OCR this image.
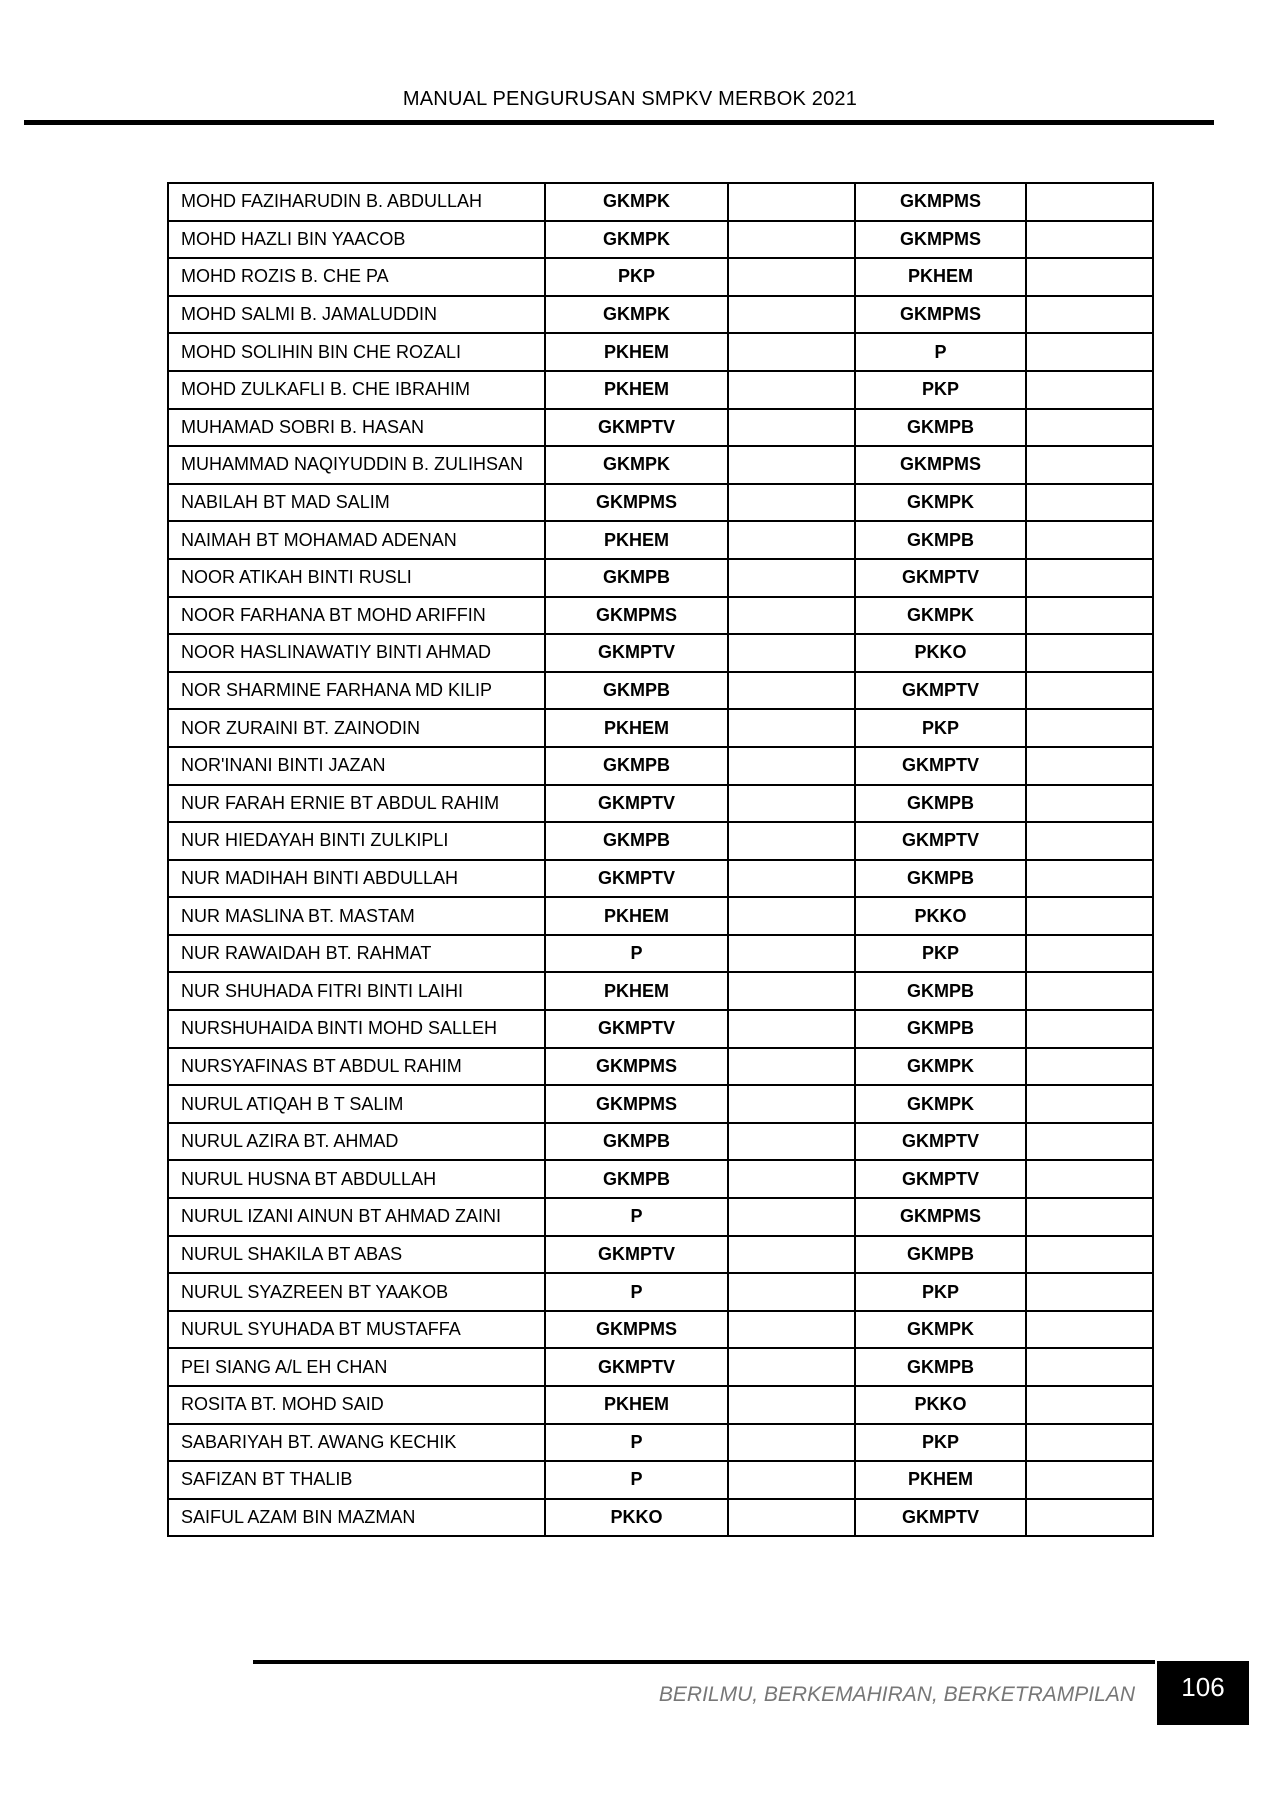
MANUAL PENGURUSAN SMPKV MERBOK 2021
MOHD FAZIHARUDIN B. ABDULLAH	GKMPK		GKMPMS	
MOHD HAZLI BIN YAACOB	GKMPK		GKMPMS	
MOHD ROZIS B. CHE PA	PKP		PKHEM	
MOHD SALMI B. JAMALUDDIN	GKMPK		GKMPMS	
MOHD SOLIHIN BIN CHE ROZALI	PKHEM		P	
MOHD ZULKAFLI B. CHE IBRAHIM	PKHEM		PKP	
MUHAMAD SOBRI B. HASAN	GKMPTV		GKMPB	
MUHAMMAD NAQIYUDDIN B. ZULIHSAN	GKMPK		GKMPMS	
NABILAH BT MAD SALIM	GKMPMS		GKMPK	
NAIMAH BT MOHAMAD ADENAN	PKHEM		GKMPB	
NOOR ATIKAH BINTI RUSLI	GKMPB		GKMPTV	
NOOR FARHANA BT MOHD ARIFFIN	GKMPMS		GKMPK	
NOOR HASLINAWATIY BINTI AHMAD	GKMPTV		PKKO	
NOR SHARMINE FARHANA MD KILIP	GKMPB		GKMPTV	
NOR ZURAINI BT. ZAINODIN	PKHEM		PKP	
NOR'INANI BINTI JAZAN	GKMPB		GKMPTV	
NUR FARAH ERNIE BT ABDUL RAHIM	GKMPTV		GKMPB	
NUR HIEDAYAH BINTI ZULKIPLI	GKMPB		GKMPTV	
NUR MADIHAH BINTI ABDULLAH	GKMPTV		GKMPB	
NUR MASLINA BT. MASTAM	PKHEM		PKKO	
NUR RAWAIDAH BT. RAHMAT	P		PKP	
NUR SHUHADA FITRI BINTI LAIHI	PKHEM		GKMPB	
NURSHUHAIDA BINTI MOHD SALLEH	GKMPTV		GKMPB	
NURSYAFINAS BT ABDUL RAHIM	GKMPMS		GKMPK	
NURUL ATIQAH B T SALIM	GKMPMS		GKMPK	
NURUL AZIRA BT. AHMAD	GKMPB		GKMPTV	
NURUL HUSNA BT ABDULLAH	GKMPB		GKMPTV	
NURUL IZANI AINUN BT AHMAD ZAINI	P		GKMPMS	
NURUL SHAKILA BT ABAS	GKMPTV		GKMPB	
NURUL SYAZREEN BT YAAKOB	P		PKP	
NURUL SYUHADA BT MUSTAFFA	GKMPMS		GKMPK	
PEI SIANG A/L EH CHAN	GKMPTV		GKMPB	
ROSITA BT. MOHD SAID	PKHEM		PKKO	
SABARIYAH BT. AWANG KECHIK	P		PKP	
SAFIZAN BT THALIB	P		PKHEM	
SAIFUL AZAM BIN MAZMAN	PKKO		GKMPTV	
BERILMU, BERKEMAHIRAN, BERKETRAMPILAN	106
